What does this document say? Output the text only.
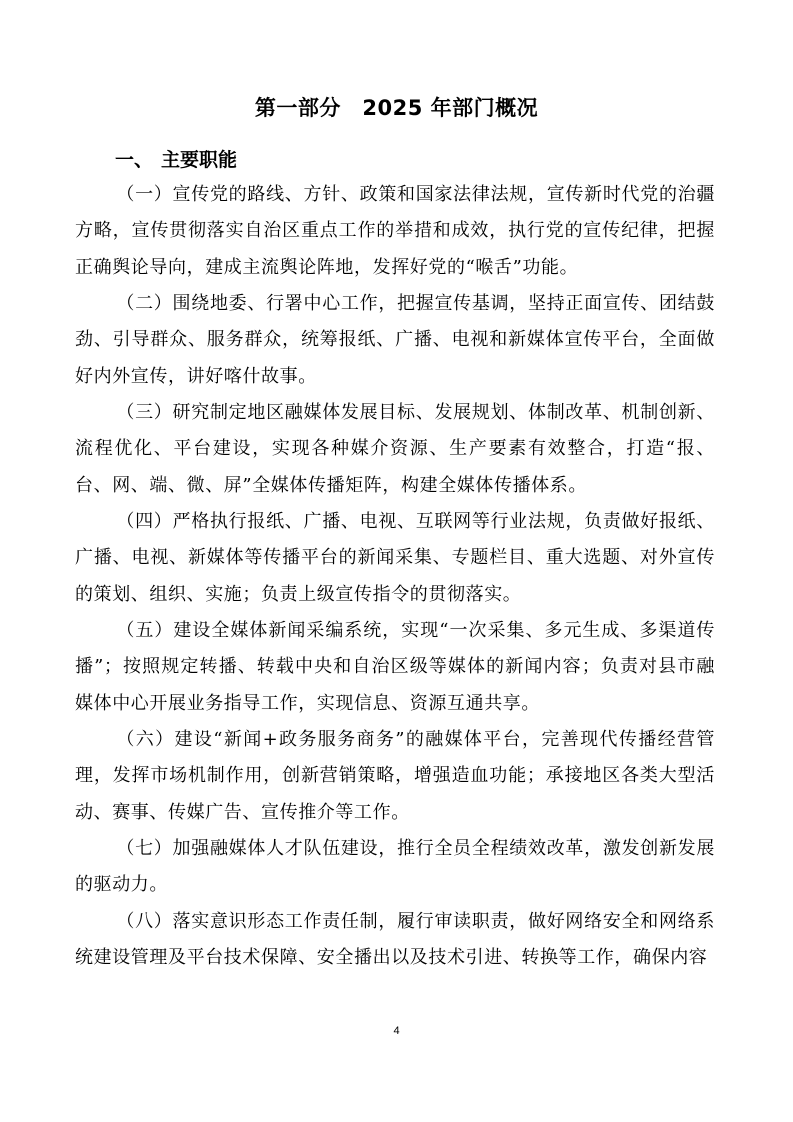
第一部分　2025 年部门概况
一、 主要职能

（一）宣传党的路线、方针、政策和国家法律法规，宣传新时代党的治疆方略，宣传贯彻落实自治区重点工作的举措和成效，执行党的宣传纪律，把握正确舆论导向，建成主流舆论阵地，发挥好党的“喉舌”功能。

（二）围绕地委、行署中心工作，把握宣传基调，坚持正面宣传、团结鼓劲、引导群众、服务群众，统筹报纸、广播、电视和新媒体宣传平台，全面做好内外宣传，讲好喀什故事。

（三）研究制定地区融媒体发展目标、发展规划、体制改革、机制创新、流程优化、平台建设，实现各种媒介资源、生产要素有效整合，打造“报、台、网、端、微、屏”全媒体传播矩阵，构建全媒体传播体系。

（四）严格执行报纸、广播、电视、互联网等行业法规，负责做好报纸、广播、电视、新媒体等传播平台的新闻采集、专题栏目、重大选题、对外宣传的策划、组织、实施；负责上级宣传指令的贯彻落实。

（五）建设全媒体新闻采编系统，实现“一次采集、多元生成、多渠道传播”；按照规定转播、转载中央和自治区级等媒体的新闻内容；负责对县市融媒体中心开展业务指导工作，实现信息、资源互通共享。

（六）建设“新闻+政务服务商务”的融媒体平台，完善现代传播经营管理，发挥市场机制作用，创新营销策略，增强造血功能；承接地区各类大型活动、赛事、传媒广告、宣传推介等工作。

（七）加强融媒体人才队伍建设，推行全员全程绩效改革，激发创新发展的驱动力。

（八）落实意识形态工作责任制，履行审读职责，做好网络安全和网络系统建设管理及平台技术保障、安全播出以及技术引进、转换等工作，确保内容

4
